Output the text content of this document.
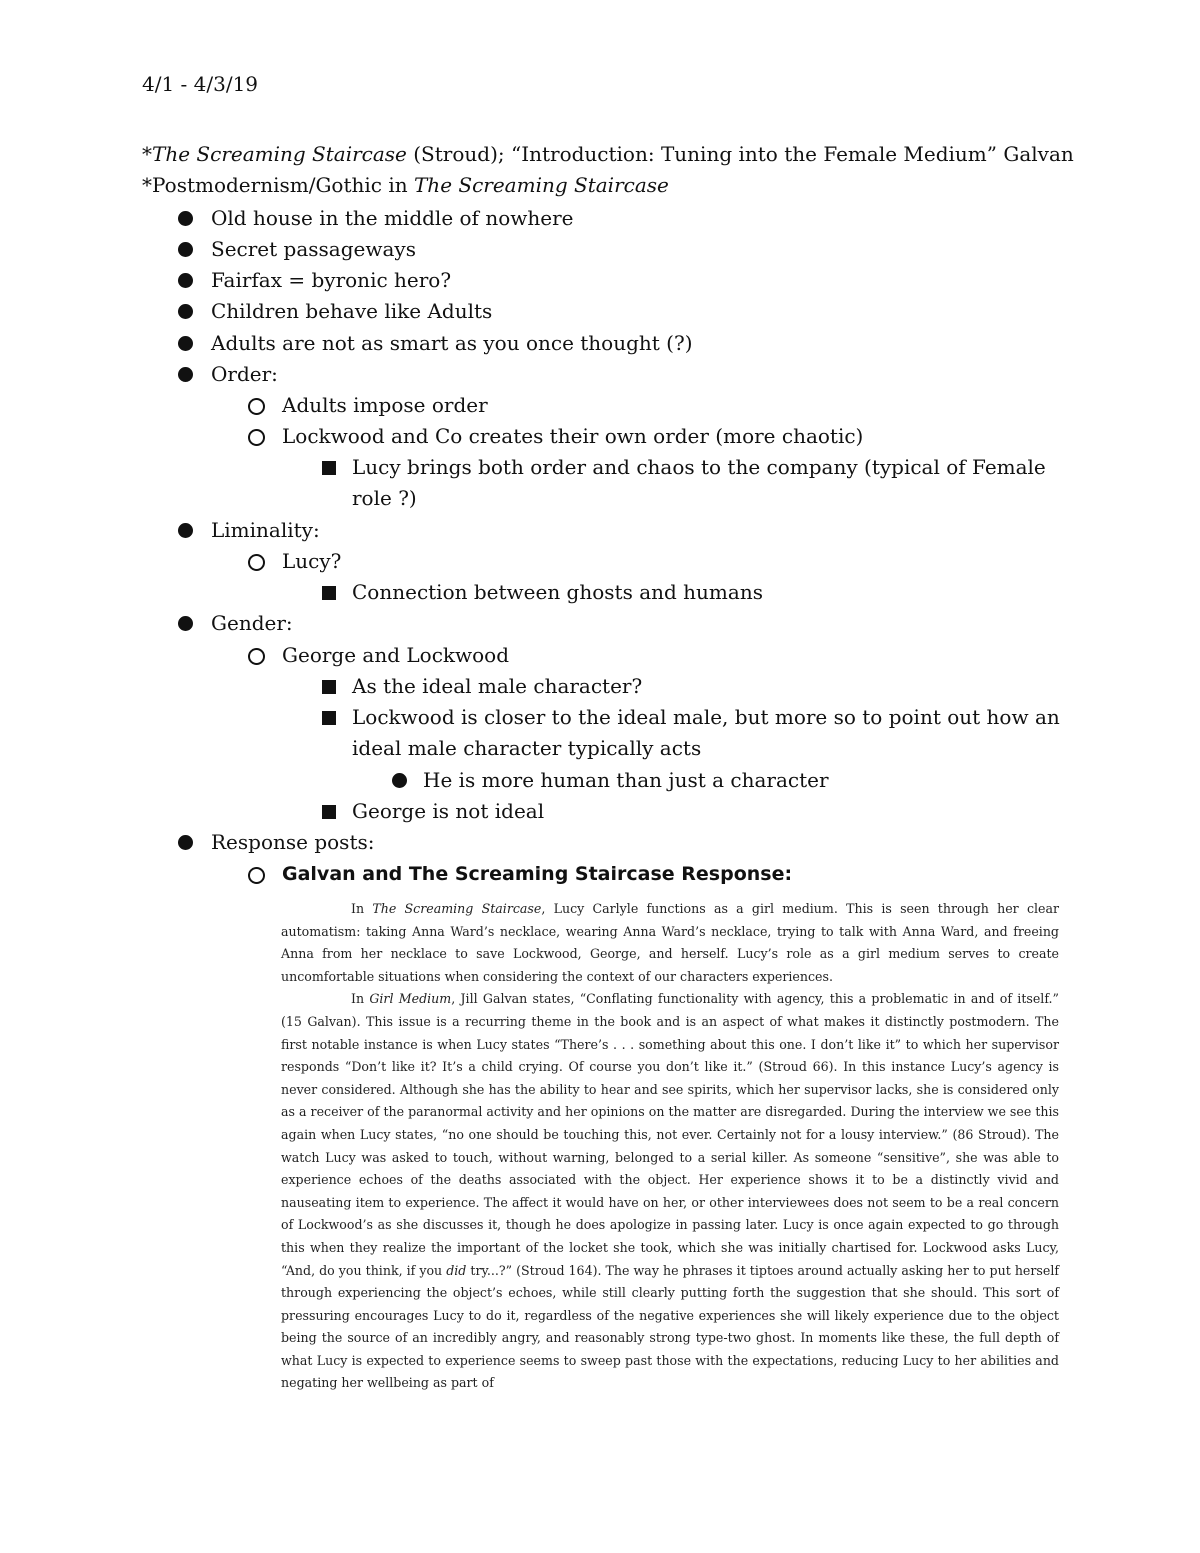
4/1 - 4/3/19
*The Screaming Staircase (Stroud); “Introduction: Tuning into the Female Medium” Galvan
*Postmodernism/Gothic in The Screaming Staircase
Old house in the middle of nowhere
Secret passageways
Fairfax = byronic hero?
Children behave like Adults
Adults are not as smart as you once thought (?)
Order:
Adults impose order
Lockwood and Co creates their own order (more chaotic)
Lucy brings both order and chaos to the company (typical of Female
role ?)
Liminality:
Lucy?
Connection between ghosts and humans
Gender:
George and Lockwood
As the ideal male character?
Lockwood is closer to the ideal male, but more so to point out how an
ideal male character typically acts
He is more human than just a character
George is not ideal
Response posts:
Galvan and The Screaming Staircase Response:

In The Screaming Staircase, Lucy Carlyle functions as a girl medium. This is seen through her clear automatism: taking Anna Ward’s necklace, wearing Anna Ward’s necklace, trying to talk with Anna Ward, and freeing Anna from her necklace to save Lockwood, George, and herself. Lucy’s role as a girl medium serves to create uncomfortable situations when considering the context of our characters experiences.

In Girl Medium, Jill Galvan states, “Conflating functionality with agency, this a problematic in and of itself.” (15 Galvan). This issue is a recurring theme in the book and is an aspect of what makes it distinctly postmodern. The first notable instance is when Lucy states “There’s . . . something about this one. I don’t like it” to which her supervisor responds “Don’t like it? It’s a child crying. Of course you don’t like it.” (Stroud 66). In this instance Lucy’s agency is never considered. Although she has the ability to hear and see spirits, which her supervisor lacks, she is considered only as a receiver of the paranormal activity and her opinions on the matter are disregarded. During the interview we see this again when Lucy states, “no one should be touching this, not ever. Certainly not for a lousy interview.” (86 Stroud). The watch Lucy was asked to touch, without warning, belonged to a serial killer. As someone “sensitive”, she was able to experience echoes of the deaths associated with the object. Her experience shows it to be a distinctly vivid and nauseating item to experience. The affect it would have on her, or other interviewees does not seem to be a real concern of Lockwood’s as she discusses it, though he does apologize in passing later. Lucy is once again expected to go through this when they realize the important of the locket she took, which she was initially chartised for. Lockwood asks Lucy, “And, do you think, if you did try...?” (Stroud 164). The way he phrases it tiptoes around actually asking her to put herself through experiencing the object’s echoes, while still clearly putting forth the suggestion that she should. This sort of pressuring encourages Lucy to do it, regardless of the negative experiences she will likely experience due to the object being the source of an incredibly angry, and reasonably strong type-two ghost. In moments like these, the full depth of what Lucy is expected to experience seems to sweep past those with the expectations, reducing Lucy to her abilities and negating her wellbeing as part of
